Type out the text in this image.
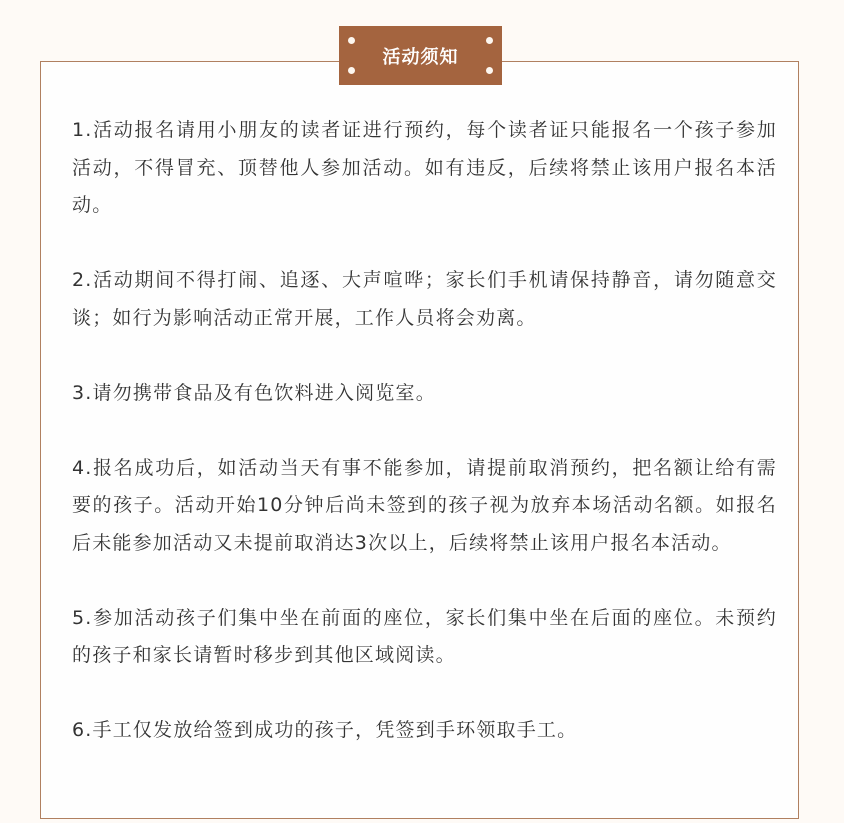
活动须知

1.活动报名请用小朋友的读者证进行预约，每个读者证只能报名一个孩子参加活动，不得冒充、顶替他人参加活动。如有违反，后续将禁止该用户报名本活动。

2.活动期间不得打闹、追逐、大声喧哗；家长们手机请保持静音，请勿随意交谈；如行为影响活动正常开展，工作人员将会劝离。

3.请勿携带食品及有色饮料进入阅览室。

4.报名成功后，如活动当天有事不能参加，请提前取消预约，把名额让给有需要的孩子。活动开始10分钟后尚未签到的孩子视为放弃本场活动名额。如报名后未能参加活动又未提前取消达3次以上，后续将禁止该用户报名本活动。

5.参加活动孩子们集中坐在前面的座位，家长们集中坐在后面的座位。未预约的孩子和家长请暂时移步到其他区域阅读。

6.手工仅发放给签到成功的孩子，凭签到手环领取手工。
